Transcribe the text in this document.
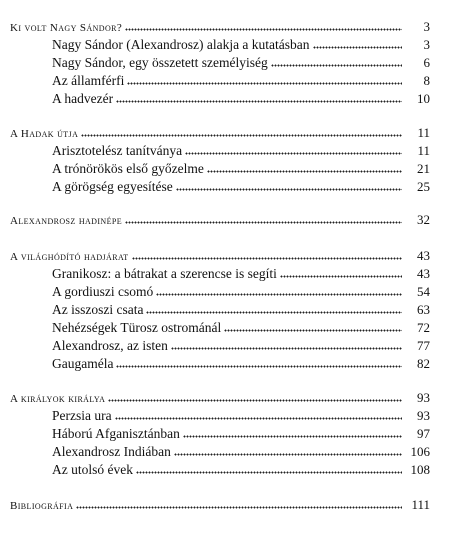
Ki volt Nagy Sándor?	3
Nagy Sándor (Alexandrosz) alakja a kutatásban	3
Nagy Sándor, egy összetett személyiség	6
Az államférfi	8
A hadvezér	10
A Hadak útja	11
Arisztotelész tanítványa	11
A trónörökös első győzelme	21
A görögség egyesítése	25
Alexandrosz hadinépe	32
A világhódító hadjárat	43
Granikosz: a bátrakat a szerencse is segíti	43
A gordiuszi csomó	54
Az isszoszi csata	63
Nehézségek Türosz ostrománál	72
Alexandrosz, az isten	77
Gaugaméla	82
A királyok királya	93
Perzsia ura	93
Háború Afganisztánban	97
Alexandrosz Indiában	106
Az utolsó évek	108
Bibliográfia	111
